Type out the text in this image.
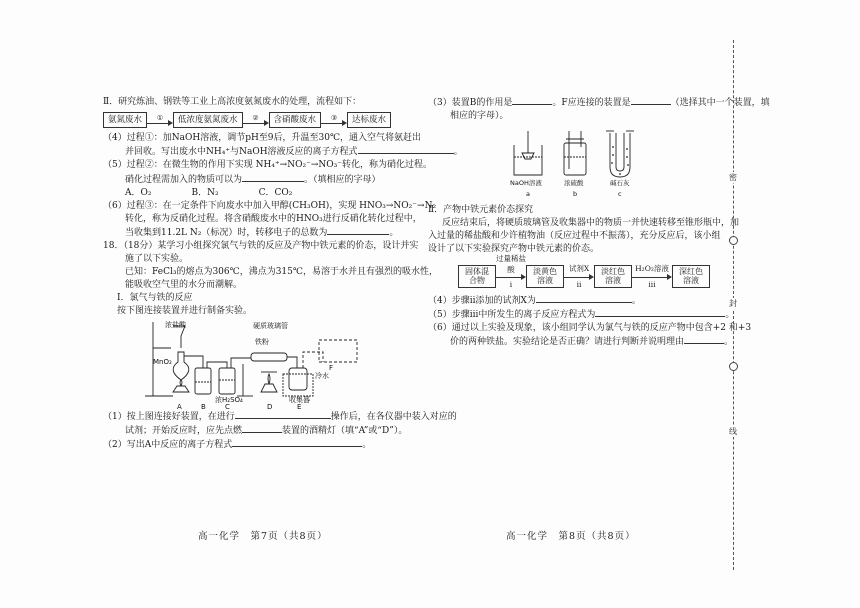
Ⅱ．研究炼油、钢铁等工业上高浓度氨氮废水的处理，流程如下：
氨氮废水	①	低浓度氨氮废水	②	含硝酸废水	③	达标废水
（4）过程①：加NaOH溶液，调节pH至9后，升温至30℃，通入空气将氨赶出
并回收。写出废水中NH₄⁺与NaOH溶液反应的离子方程式	。
（5）过程②：在微生物的作用下实现 NH₄⁺→NO₂⁻→NO₃⁻转化，称为硝化过程。
硝化过程需加入的物质可以为	。（填相应的字母）
A．O₂	B．N₂	C．CO₂
（6）过程③：在一定条件下向废水中加入甲醇(CH₃OH)，实现 HNO₃→NO₂⁻→N₂
转化，称为反硝化过程。将含硝酸废水中的HNO₃进行反硝化转化过程中，
当收集到11.2L N₂（标况）时，转移电子的总数为	。
18．（18分）某学习小组探究氯气与铁的反应及产物中铁元素的价态，设计并实
施了以下实验。
已知：FeCl₃的熔点为306℃，沸点为315℃，易溶于水并且有强烈的吸水性，
能吸收空气里的水分而潮解。
Ⅰ．氯气与铁的反应
按下图连接装置并进行制备实验。
浓盐酸
MnO₂
硬质玻璃管
铁粉
浓H₂SO₄
冷水
收集器
F
A	B	C	D	E
（1）按上图连接好装置，在进行	操作后，在各仪器中装入对应的
试剂；开始反应时，应先点燃	装置的酒精灯（填“A”或“D”）。
（2）写出A中反应的离子方程式	。
高一化学　第7页（共8页）
（3）装置B的作用是	。F应连接的装置是	（选择其中一个装置，填
相应的字母）。
NaOH溶液	浓硫酸	碱石灰
a	b	c
Ⅱ．产物中铁元素价态探究
反应结束后，将硬质玻璃管及收集器中的物质一并快速转移至锥形瓶中，加
入过量的稀盐酸和少许植物油（反应过程中不振荡），充分反应后，该小组
设计了以下实验探究产物中铁元素的价态。
固体混合物
过量稀盐酸
i
淡黄色溶液
试剂X
ii
淡红色溶液
H₂O₂溶液
iii
深红色溶液
（4）步骤ⅱ添加的试剂X为	。
（5）步骤ⅲ中所发生的离子反应方程式为	。
（6）通过以上实验及现象，该小组同学认为氯气与铁的反应产物中包含+2 和+3
价的两种铁盐。实验结论是否正确？请进行判断并说明理由	。
高一化学　第8页（共8页）
密
封
线
